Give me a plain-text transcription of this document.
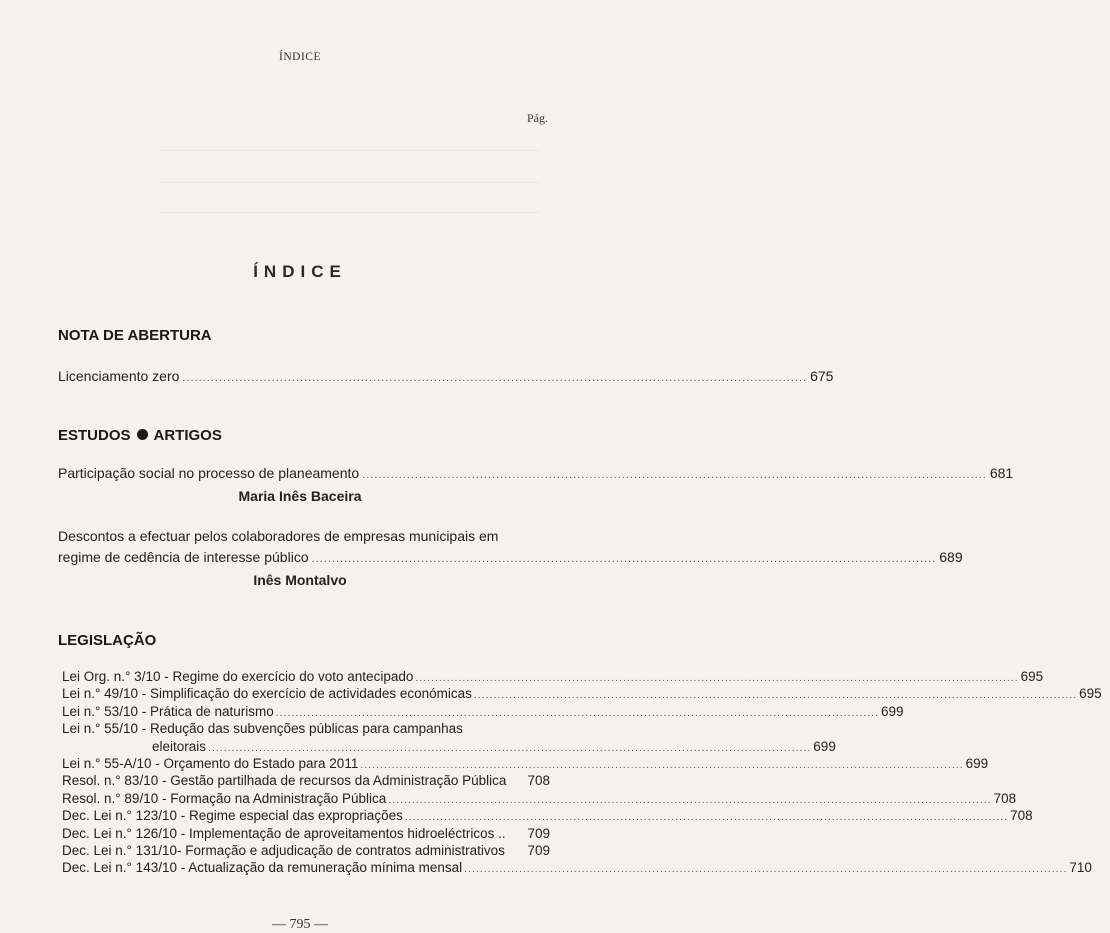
ÍNDICE
Pág.
ÍNDICE
NOTA DE ABERTURA
Licenciamento zero .......................................................................................................................................................... 675
ESTUDOS ARTIGOS
Participação social no processo de planeamento .......................................................................................................................................................... 681
Maria Inês Baceira
Descontos a efectuar pelos colaboradores de empresas municipais em
regime de cedência de interesse público .......................................................................................................................................................... 689
Inês Montalvo
LEGISLAÇÃO
Lei Org. n.° 3/10 - Regime do exercício do voto antecipado .......................................................................................................................................................... 695
Lei n.° 49/10 - Simplificação do exercício de actividades económicas .......................................................................................................................................................... 695
Lei n.° 53/10 - Prática de naturismo .......................................................................................................................................................... 699
Lei n.° 55/10 - Redução das subvenções públicas para campanhas
eleitorais .......................................................................................................................................................... 699
Lei n.° 55-A/10 - Orçamento do Estado para 2011 .......................................................................................................................................................... 699
Resol. n.° 83/10 - Gestão partilhada de recursos da Administração Pública	708
Resol. n.° 89/10 - Formação na Administração Pública .......................................................................................................................................................... 708
Dec. Lei n.° 123/10 - Regime especial das expropriações .......................................................................................................................................................... 708
Dec. Lei n.° 126/10 - Implementação de aproveitamentos hidroeléctricos ..	709
Dec. Lei n.° 131/10- Formação e adjudicação de contratos administrativos	709
Dec. Lei n.° 143/10 - Actualização da remuneração mínima mensal .......................................................................................................................................................... 710
— 795 —
